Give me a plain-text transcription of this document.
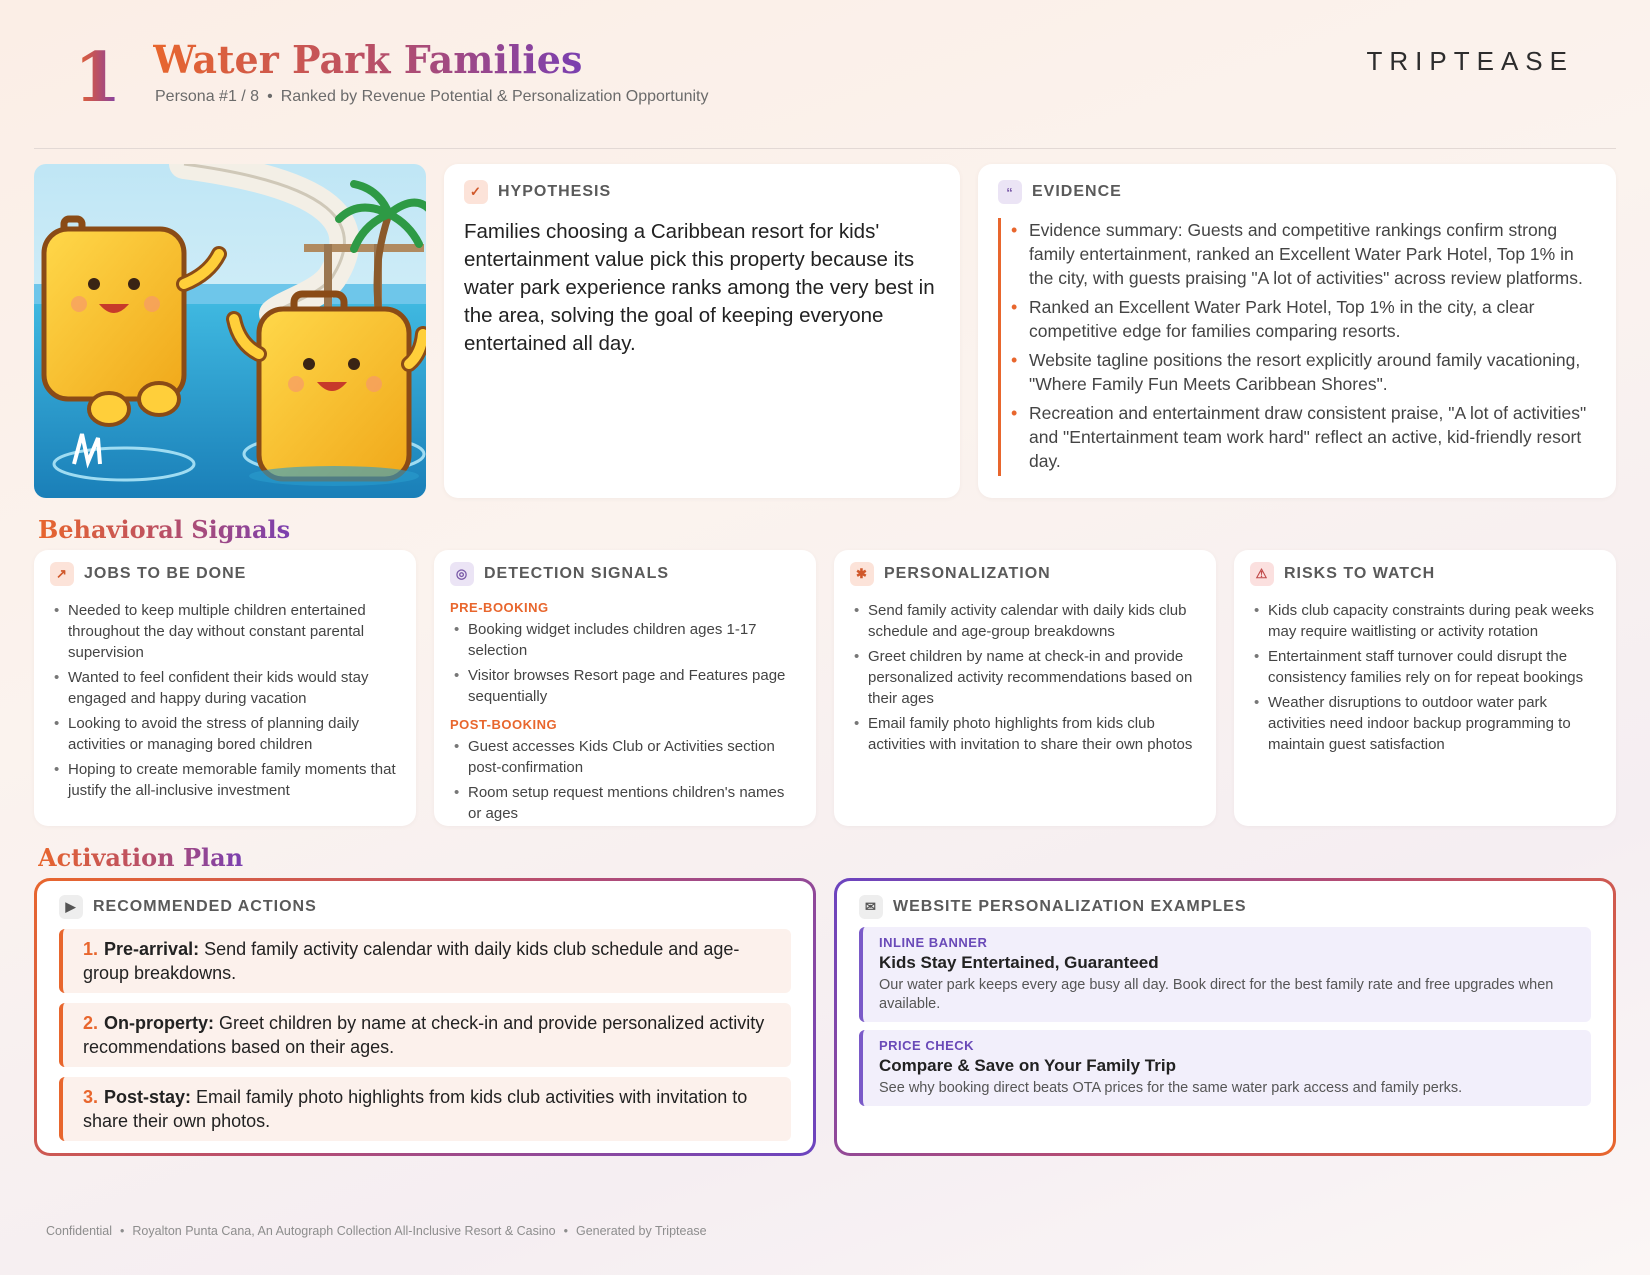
1 Water Park Families
Persona #1 / 8 • Ranked by Revenue Potential & Personalization Opportunity
TRIPTEASE
✓	HYPOTHESIS

Families choosing a Caribbean resort for kids' entertainment value pick this property because its water park experience ranks among the very best in the area, solving the goal of keeping everyone entertained all day.

“	EVIDENCE
• Evidence summary: Guests and competitive rankings confirm strong family entertainment, ranked an Excellent Water Park Hotel, Top 1% in the city, with guests praising "A lot of activities" across review platforms.
• Ranked an Excellent Water Park Hotel, Top 1% in the city, a clear competitive edge for families comparing resorts.
• Website tagline positions the resort explicitly around family vacationing, "Where Family Fun Meets Caribbean Shores".
• Recreation and entertainment draw consistent praise, "A lot of activities" and "Entertainment team work hard" reflect an active, kid-friendly resort day.
Behavioral Signals
↗	JOBS TO BE DONE
• Needed to keep multiple children entertained throughout the day without constant parental supervision
• Wanted to feel confident their kids would stay engaged and happy during vacation
• Looking to avoid the stress of planning daily activities or managing bored children
• Hoping to create memorable family moments that justify the all-inclusive investment
◎ DETECTION SIGNALS
PRE-BOOKING
• Booking widget includes children ages 1-17 selection
• Visitor browses Resort page and Features page sequentially
POST-BOOKING
• Guest accesses Kids Club or Activities section post-confirmation
• Room setup request mentions children's names or ages
✱	PERSONALIZATION
• Send family activity calendar with daily kids club schedule and age-group breakdowns
• Greet children by name at check-in and provide personalized activity recommendations based on their ages
• Email family photo highlights from kids club activities with invitation to share their own photos
⚠ RISKS TO WATCH
• Kids club capacity constraints during peak weeks may require waitlisting or activity rotation
• Entertainment staff turnover could disrupt the consistency families rely on for repeat bookings
• Weather disruptions to outdoor water park activities need indoor backup programming to maintain guest satisfaction
Activation Plan
▶	RECOMMENDED ACTIONS
1. Pre-arrival: Send family activity calendar with daily kids club schedule and age-group breakdowns.
2. On-property: Greet children by name at check-in and provide personalized activity recommendations based on their ages.
3. Post-stay: Email family photo highlights from kids club activities with invitation to share their own photos.
✉	WEBSITE PERSONALIZATION EXAMPLES
INLINE BANNER
Kids Stay Entertained, Guaranteed
Our water park keeps every age busy all day. Book direct for the best family rate and free upgrades when available.
PRICE CHECK
Compare & Save on Your Family Trip
See why booking direct beats OTA prices for the same water park access and family perks.
Confidential • Royalton Punta Cana, An Autograph Collection All-Inclusive Resort & Casino • Generated by Triptease
